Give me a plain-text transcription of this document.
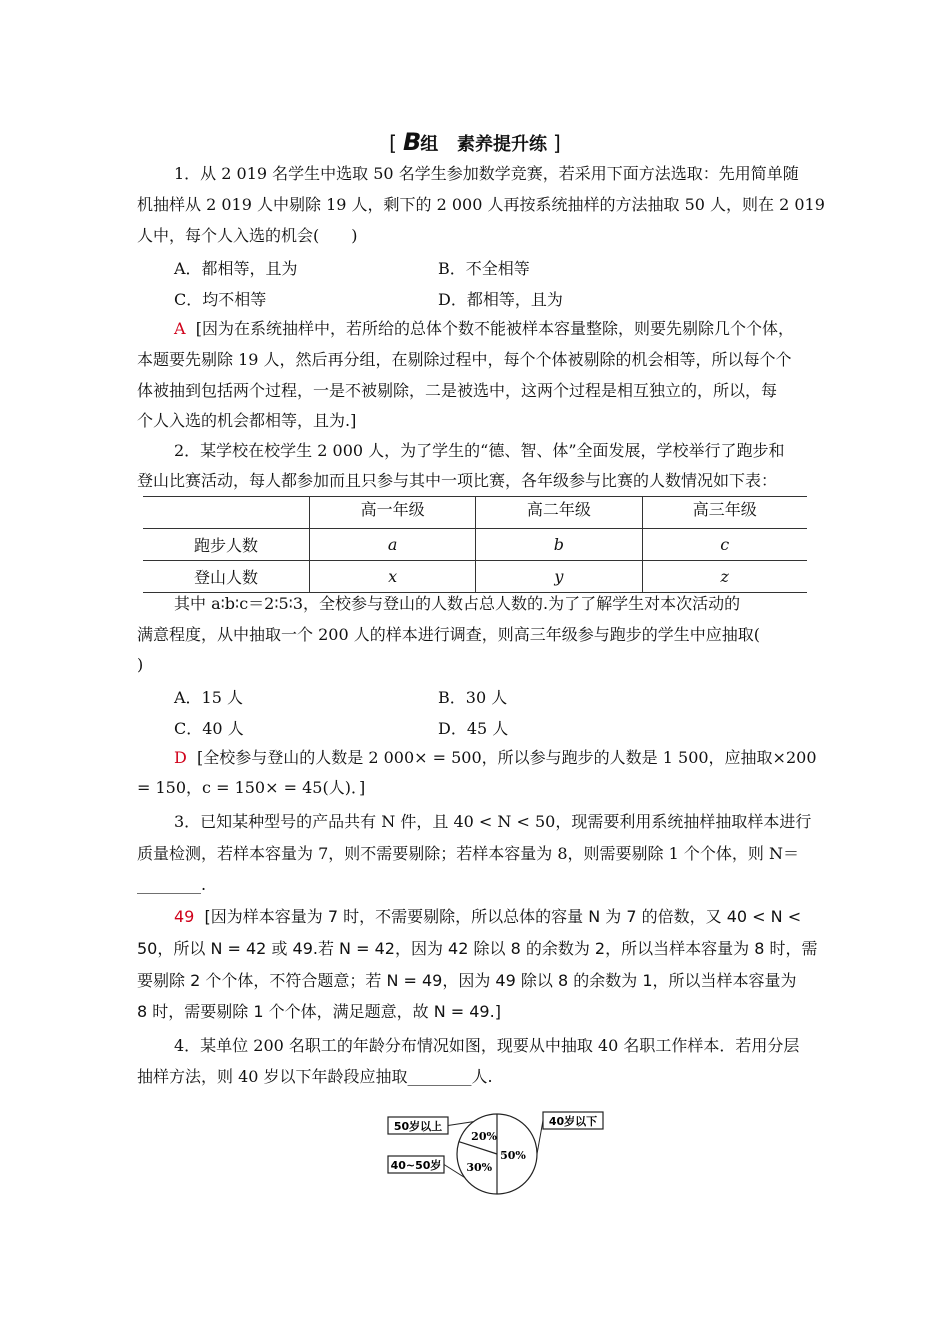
[ B组 素养提升练 ]
1．从 2 019 名学生中选取 50 名学生参加数学竞赛，若采用下面方法选取：先用简单随
机抽样从 2 019 人中剔除 19 人，剩下的 2 000 人再按系统抽样的方法抽取 50 人，则在 2 019
人中，每个人入选的机会(　　)
A．都相等，且为	B．不全相等
C．均不相等	D．都相等，且为
A [因为在系统抽样中，若所给的总体个数不能被样本容量整除，则要先剔除几个个体，
本题要先剔除 19 人，然后再分组，在剔除过程中，每个个体被剔除的机会相等，所以每个个
体被抽到包括两个过程，一是不被剔除，二是被选中，这两个过程是相互独立的，所以，每
个人入选的机会都相等，且为.]
2．某学校在校学生 2 000 人，为了学生的“德、智、体”全面发展，学校举行了跑步和
登山比赛活动，每人都参加而且只参与其中一项比赛，各年级参与比赛的人数情况如下表：
	高一年级	高二年级	高三年级
跑步人数	a	b	c
登山人数	x	y	z
其中 a∶b∶c＝2∶5∶3，全校参与登山的人数占总人数的.为了了解学生对本次活动的
满意程度，从中抽取一个 200 人的样本进行调查，则高三年级参与跑步的学生中应抽取(
)
A．15 人	B．30 人
C．40 人	D．45 人
D [全校参与登山的人数是 2 000× = 500，所以参与跑步的人数是 1 500，应抽取×200
= 150，c = 150× = 45(人)．]
3．已知某种型号的产品共有 N 件，且 40 < N < 50，现需要利用系统抽样抽取样本进行
质量检测，若样本容量为 7，则不需要剔除；若样本容量为 8，则需要剔除 1 个个体，则 N＝
________.
49 [因为样本容量为 7 时，不需要剔除，所以总体的容量 N 为 7 的倍数，又 40 < N <
50，所以 N = 42 或 49.若 N = 42，因为 42 除以 8 的余数为 2，所以当样本容量为 8 时，需
要剔除 2 个个体，不符合题意；若 N = 49，因为 49 除以 8 的余数为 1，所以当样本容量为
8 时，需要剔除 1 个个体，满足题意，故 N = 49.]
4．某单位 200 名职工的年龄分布情况如图，现要从中抽取 40 名职工作样本．若用分层
抽样方法，则 40 岁以下年龄段应抽取________人.
50%
30%
20%
40岁以下
40~50岁
50岁以上
